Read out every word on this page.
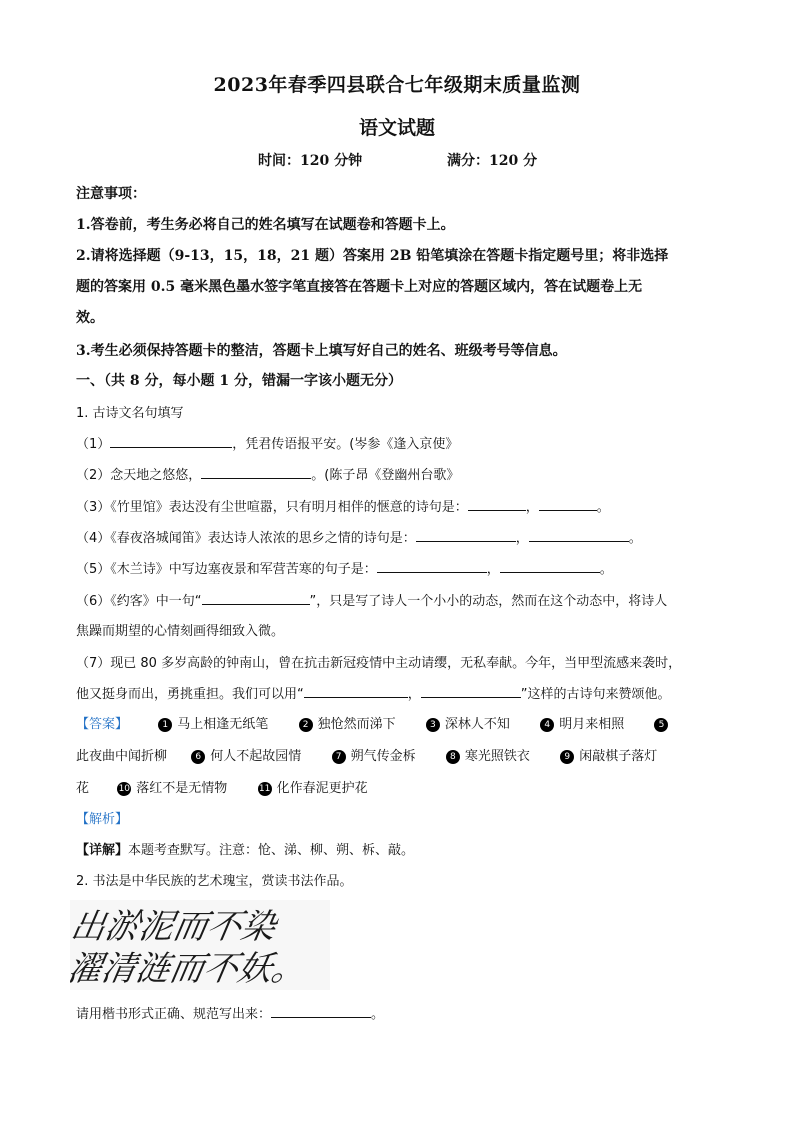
2023年春季四县联合七年级期末质量监测
语文试题
时间：120 分钟	满分：120 分
注意事项：
1.答卷前，考生务必将自己的姓名填写在试题卷和答题卡上。
2.请将选择题（9-13，15，18，21 题）答案用 2B 铅笔填涂在答题卡指定题号里；将非选择
题的答案用 0.5 毫米黑色墨水签字笔直接答在答题卡上对应的答题区域内，答在试题卷上无
效。
3.考生必须保持答题卡的整洁，答题卡上填写好自己的姓名、班级考号等信息。
一、（共 8 分，每小题 1 分，错漏一字该小题无分）
1. 古诗文名句填写
（1）	，凭君传语报平安。(岑参《逢入京使》
（2）念天地之悠悠，	。(陈子昂《登幽州台歌》
（3）《竹里馆》表达没有尘世喧嚣，只有明月相伴的惬意的诗句是：	，	。
（4）《春夜洛城闻笛》表达诗人浓浓的思乡之情的诗句是：	，	。
（5）《木兰诗》中写边塞夜景和军营苦寒的句子是：	，	。
（6）《约客》中一句“	”，只是写了诗人一个小小的动态，然而在这个动态中，将诗人
焦躁而期望的心情刻画得细致入微。
（7）现已 80 多岁高龄的钟南山，曾在抗击新冠疫情中主动请缨，无私奉献。今年，当甲型流感来袭时，
他又挺身而出，勇挑重担。我们可以用“	，	”这样的古诗句来赞颂他。
【答案】	1 马上相逢无纸笔	2 独怆然而涕下	3 深林人不知	4 明月来相照	5
此夜曲中闻折柳	6 何人不起故园情	7 朔气传金柝	8 寒光照铁衣	9 闲敲棋子落灯
花	10 落红不是无情物	11 化作春泥更护花
【解析】
【详解】本题考查默写。注意：怆、涕、柳、朔、柝、敲。
2. 书法是中华民族的艺术瑰宝，赏读书法作品。
出淤泥而不染
濯清涟而不妖。
请用楷书形式正确、规范写出来：	。
